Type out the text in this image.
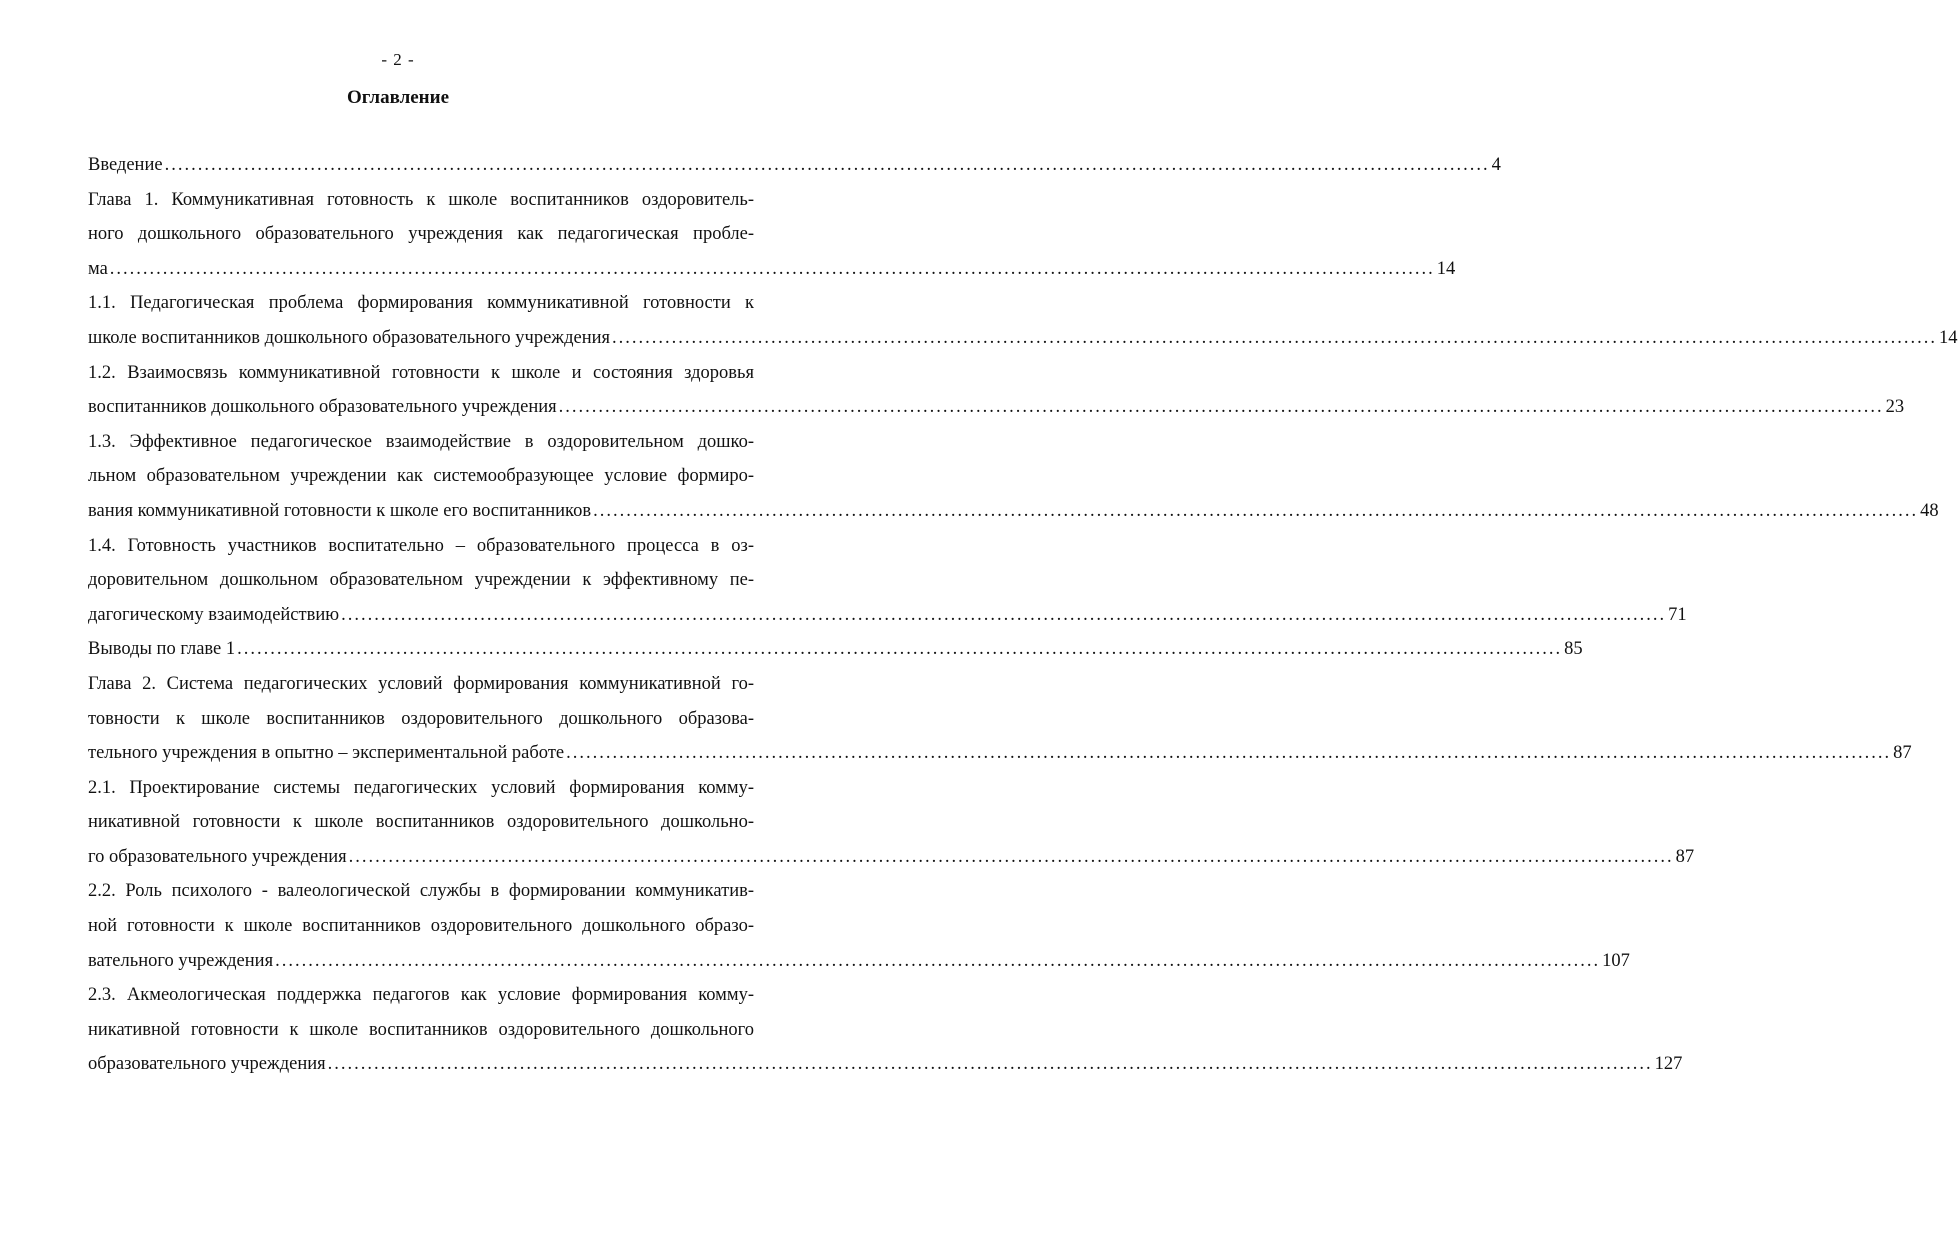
- 2 -
Оглавление
Введение ........................................................................................................................................................................................................ 4
Глава 1. Коммуникативная готовность к школе воспитанников оздоровитель-
ного дошкольного образовательного учреждения как педагогическая пробле-
ма ........................................................................................................................................................................................................ 14
1.1. Педагогическая проблема формирования коммуникативной готовности к
школе воспитанников дошкольного образовательного учреждения ........................................................................................................................................................................................................ 14
1.2. Взаимосвязь коммуникативной готовности к школе и состояния здоровья
воспитанников дошкольного образовательного учреждения ........................................................................................................................................................................................................ 23
1.3. Эффективное педагогическое взаимодействие в оздоровительном дошко-
льном образовательном учреждении как системообразующее условие формиро-
вания коммуникативной готовности к школе его воспитанников ........................................................................................................................................................................................................ 48
1.4. Готовность участников воспитательно – образовательного процесса в оз-
доровительном дошкольном образовательном учреждении к эффективному пе-
дагогическому взаимодействию ........................................................................................................................................................................................................ 71
Выводы по главе 1 ........................................................................................................................................................................................................ 85
Глава 2. Система педагогических условий формирования коммуникативной го-
товности к школе воспитанников оздоровительного дошкольного образова-
тельного учреждения в опытно – экспериментальной работе ........................................................................................................................................................................................................ 87
2.1. Проектирование системы педагогических условий формирования комму-
никативной готовности к школе воспитанников оздоровительного дошкольно-
го образовательного учреждения ........................................................................................................................................................................................................ 87
2.2. Роль психолого - валеологической службы в формировании коммуникатив-
ной готовности к школе воспитанников оздоровительного дошкольного образо-
вательного учреждения ........................................................................................................................................................................................................ 107
2.3. Акмеологическая поддержка педагогов как условие формирования комму-
никативной готовности к школе воспитанников оздоровительного дошкольного
образовательного учреждения ........................................................................................................................................................................................................ 127
